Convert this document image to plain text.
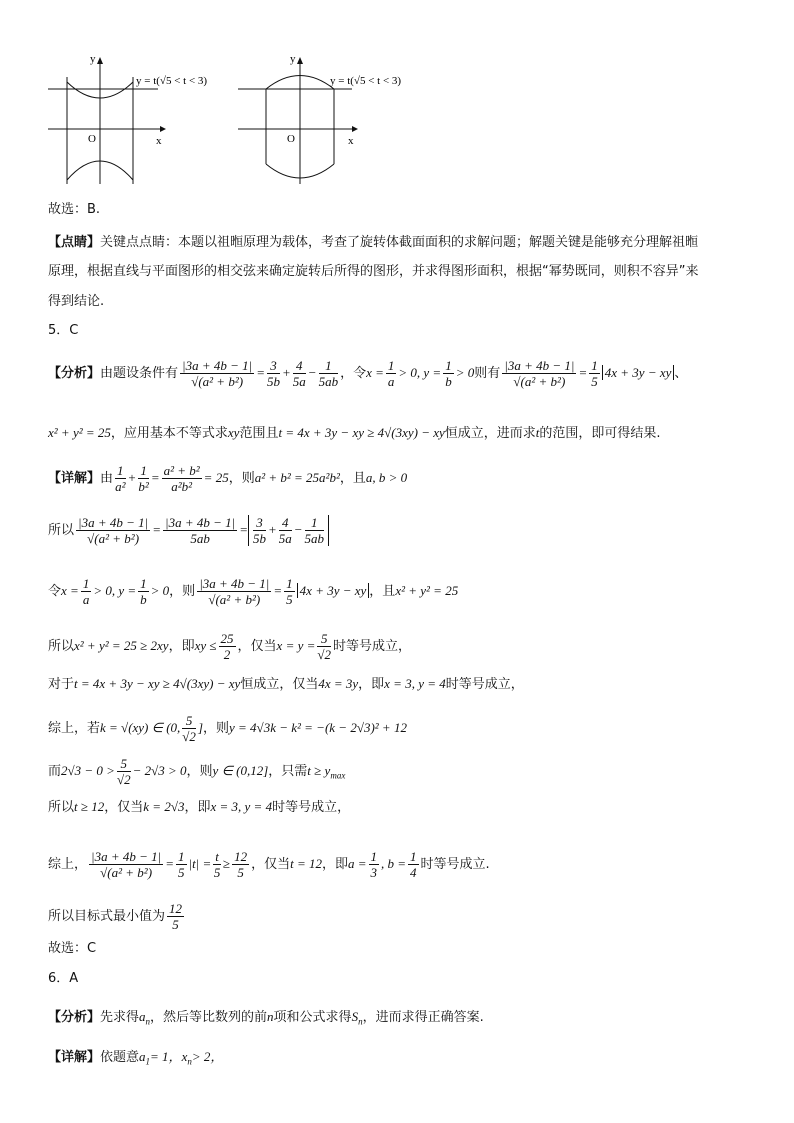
y
x
O
y = t(√5 < t < 3)
y
x
O
y = t(√5 < t < 3)
故选：B.
【点睛】关键点点睛：本题以祖暅原理为载体，考查了旋转体截面面积的求解问题；解题关键是能够充分理解祖暅
原理，根据直线与平面图形的相交弦来确定旋转后所得的图形，并求得图形面积，根据“幂势既同，则积不容异”来
得到结论.
5．C
【分析】由题设条件有 $\frac{|3a + 4b - 1|}{\text{√(a² + b²)}} = \frac{3}{5b} + \frac{4}{5a} - \frac{1}{5ab}$ ，令$x = \frac{1}{a} > 0$, $y = \frac{1}{b} > 0$则有 $\frac{|3a + 4b - 1|}{\text{√(a² + b²)}} = \frac{1}{5} 4x + 3y$ − xy 、
x² + y² = 25，应用基本不等式求xy范围且t = 4x + 3y − xy ≥ 4√(3xy) − xy恒成立，进而求t的范围，即可得结果.
【详解】由 $\frac{1}{\text{a²}} + \frac{1}{\text{b²}} = \frac{\text{a² + b²}}{\text{a²b²}} = 25$，则a² + b² = 25a²b²，且a, b > 0
所以 $\frac{|3a + 4b - 1|}{\text{√(a² + b²)}} = \frac{|3a + 4b - 1|}{5ab} = \frac{3}{5b} + \frac{4}{5a} - \frac{1}{5ab}$
令$x = \frac{1}{a} > 0$, $y = \frac{1}{b} > 0$，则 $\frac{|3a + 4b - 1|}{\text{√(a² + b²)}} = \frac{1}{5} 4x + 3y$ − xy ，且x² + y² = 25
所以x² + y² = 25 ≥ 2xy，即xy ≤ $\frac{25}{2}$ ，仅当$x = y = \frac{5}{√2}$ 时等号成立，
对于t = 4x + 3y − xy ≥ 4√(3xy) − xy恒成立，仅当4x = 3y，即x = 3, y = 4时等号成立，
综上，若k = √(xy) ∈ (0, $\frac{5}{√2}$ ]，则y = 4√3k − k² = −(k − 2√3)² + 12
而$2√3 - 0 > \frac{5}{√2} - 2√3 > 0$，则y ∈ (0,12]，只需$t \ge y_{max}$
所以t ≥ 12，仅当k = 2√3，即x = 3, y = 4时等号成立，
综上， $\frac{|3a + 4b - 1|}{\text{√(a² + b²)}} = \frac{1}{5} |t| = \frac{t}{5} \ge \frac{12}{5}$ ，仅当t = 12，即$a = \frac{1}{3}$ , $b = \frac{1}{4}$ 时等号成立.
所以目标式最小值为 $\frac{12}{5}$
故选：C
6．A
【分析】先求得$a_n$，然后等比数列的前n项和公式求得$S_n$，进而求得正确答案.
【详解】依题意$a_1= 1$，$x_n> 2$，
